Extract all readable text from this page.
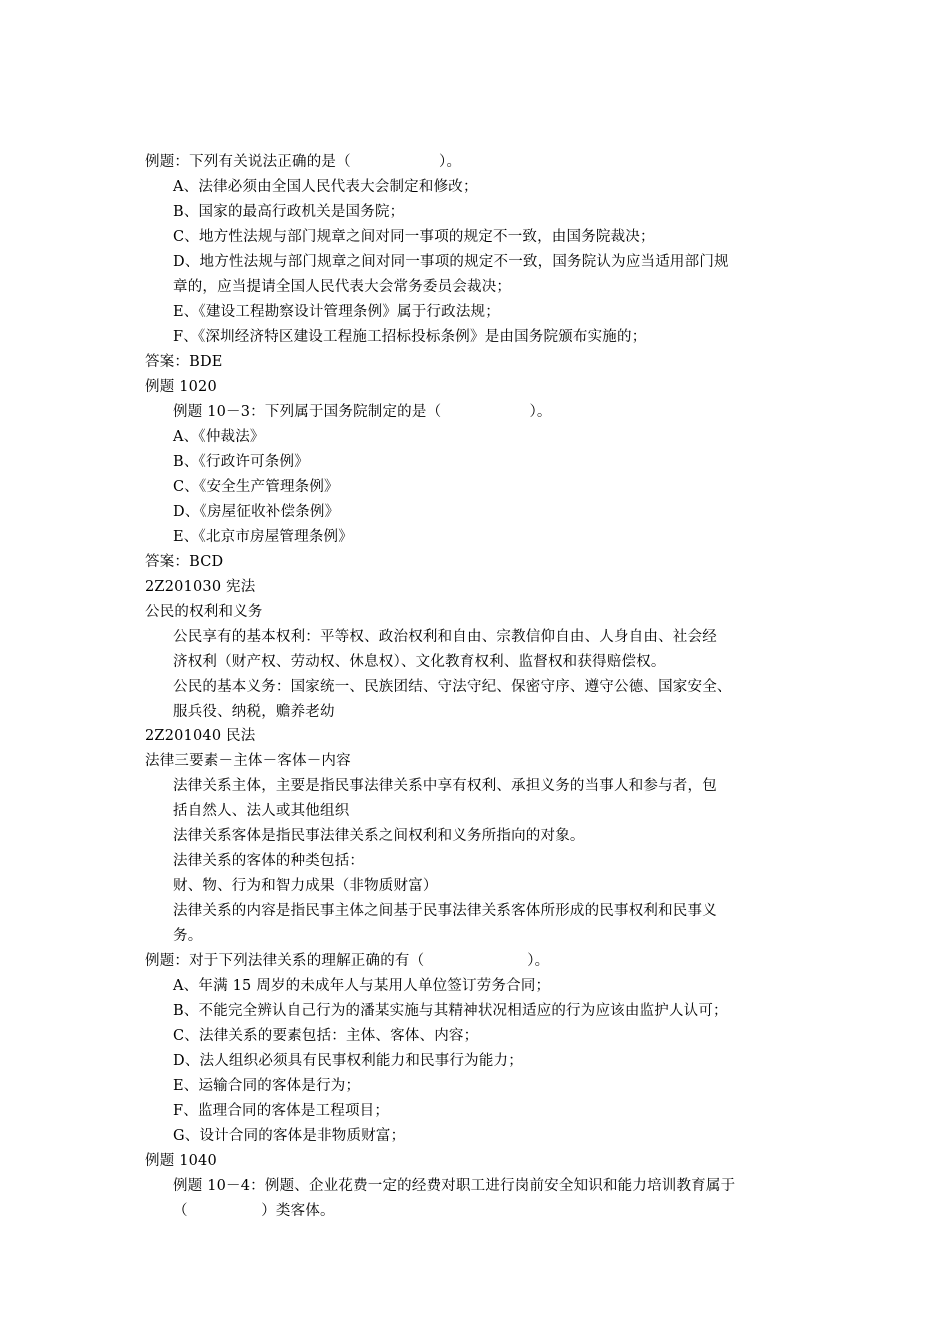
例题：下列有关说法正确的是（　　　　　　）。
A、法律必须由全国人民代表大会制定和修改；
B、国家的最高行政机关是国务院；
C、地方性法规与部门规章之间对同一事项的规定不一致，由国务院裁决；
D、地方性法规与部门规章之间对同一事项的规定不一致，国务院认为应当适用部门规
章的，应当提请全国人民代表大会常务委员会裁决；
E、《建设工程勘察设计管理条例》属于行政法规；
F、《深圳经济特区建设工程施工招标投标条例》是由国务院颁布实施的；
答案：BDE
例题 1020
例题 10－3：下列属于国务院制定的是（　　　　　　）。
A、《仲裁法》
B、《行政许可条例》
C、《安全生产管理条例》
D、《房屋征收补偿条例》
E、《北京市房屋管理条例》
答案：BCD
2Z201030 宪法
公民的权利和义务
公民享有的基本权利：平等权、政治权利和自由、宗教信仰自由、人身自由、社会经
济权利（财产权、劳动权、休息权）、文化教育权利、监督权和获得赔偿权。
公民的基本义务：国家统一、民族团结、守法守纪、保密守序、遵守公德、国家安全、
服兵役、纳税，赡养老幼
2Z201040 民法
法律三要素－主体－客体－内容
法律关系主体，主要是指民事法律关系中享有权利、承担义务的当事人和参与者，包
括自然人、法人或其他组织
法律关系客体是指民事法律关系之间权利和义务所指向的对象。
法律关系的客体的种类包括：
财、物、行为和智力成果（非物质财富）
法律关系的内容是指民事主体之间基于民事法律关系客体所形成的民事权利和民事义
务。
例题：对于下列法律关系的理解正确的有（　　　　　　　）。
A、年满 15 周岁的未成年人与某用人单位签订劳务合同；
B、不能完全辨认自己行为的潘某实施与其精神状况相适应的行为应该由监护人认可；
C、法律关系的要素包括：主体、客体、内容；
D、法人组织必须具有民事权利能力和民事行为能力；
E、运输合同的客体是行为；
F、监理合同的客体是工程项目；
G、设计合同的客体是非物质财富；
例题 1040
例题 10－4：例题、企业花费一定的经费对职工进行岗前安全知识和能力培训教育属于
（　　　　　）类客体。
